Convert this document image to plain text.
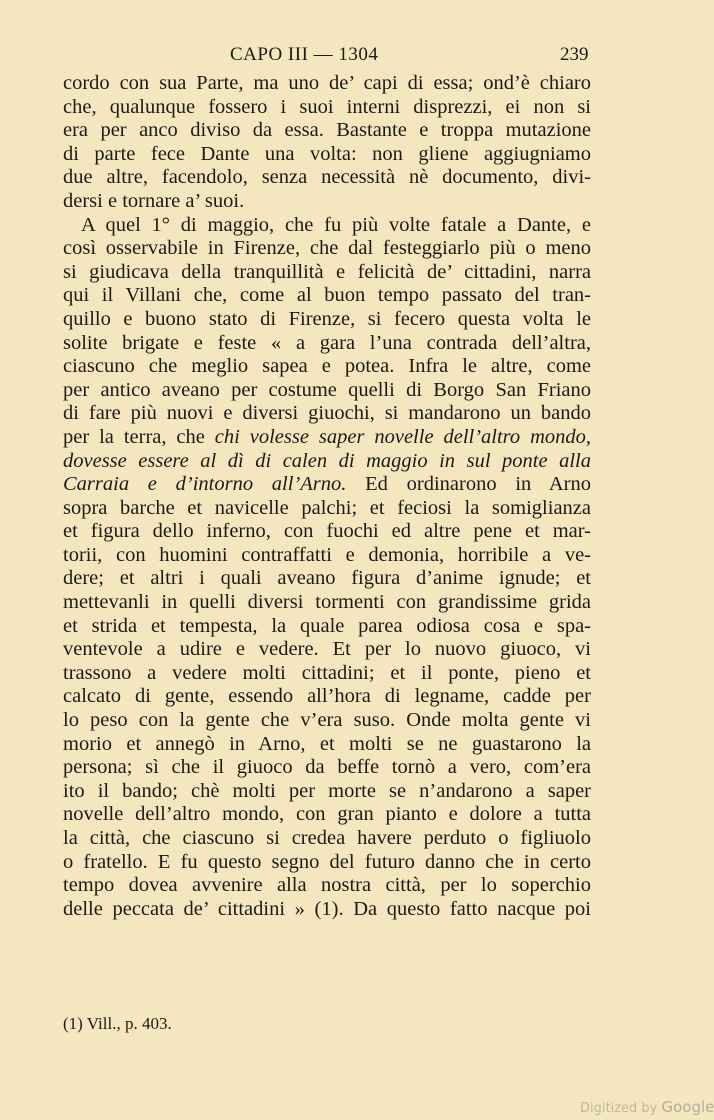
CAPO III — 1304	239
cordo con sua Parte, ma uno de’ capi di essa; ond’è chiaro
che, qualunque fossero i suoi interni disprezzi, ei non si
era per anco diviso da essa. Bastante e troppa mutazione
di parte fece Dante una volta: non gliene aggiugniamo
due altre, facendolo, senza necessità nè documento, divi-
dersi e tornare a’ suoi.
A quel 1° di maggio, che fu più volte fatale a Dante, e
così osservabile in Firenze, che dal festeggiarlo più o meno
si giudicava della tranquillità e felicità de’ cittadini, narra
qui il Villani che, come al buon tempo passato del tran-
quillo e buono stato di Firenze, si fecero questa volta le
solite brigate e feste « a gara l’una contrada dell’altra,
ciascuno che meglio sapea e potea. Infra le altre, come
per antico aveano per costume quelli di Borgo San Friano
di fare più nuovi e diversi giuochi, si mandarono un bando
per la terra, che chi volesse saper novelle dell’altro mondo,
dovesse essere al dì di calen di maggio in sul ponte alla
Carraia e d’intorno all’Arno. Ed ordinarono in Arno
sopra barche et navicelle palchi; et feciosi la somiglianza
et figura dello inferno, con fuochi ed altre pene et mar-
torii, con huomini contraffatti e demonia, horribile a ve-
dere; et altri i quali aveano figura d’anime ignude; et
mettevanli in quelli diversi tormenti con grandissime grida
et strida et tempesta, la quale parea odiosa cosa e spa-
ventevole a udire e vedere. Et per lo nuovo giuoco, vi
trassono a vedere molti cittadini; et il ponte, pieno et
calcato di gente, essendo all’hora di legname, cadde per
lo peso con la gente che v’era suso. Onde molta gente vi
morio et annegò in Arno, et molti se ne guastarono la
persona; sì che il giuoco da beffe tornò a vero, com’era
ito il bando; chè molti per morte se n’andarono a saper
novelle dell’altro mondo, con gran pianto e dolore a tutta
la città, che ciascuno si credea havere perduto o figliuolo
o fratello. E fu questo segno del futuro danno che in certo
tempo dovea avvenire alla nostra città, per lo soperchio
delle peccata de’ cittadini » (1). Da questo fatto nacque poi
(1) Vill., p. 403.
Digitized by Google
